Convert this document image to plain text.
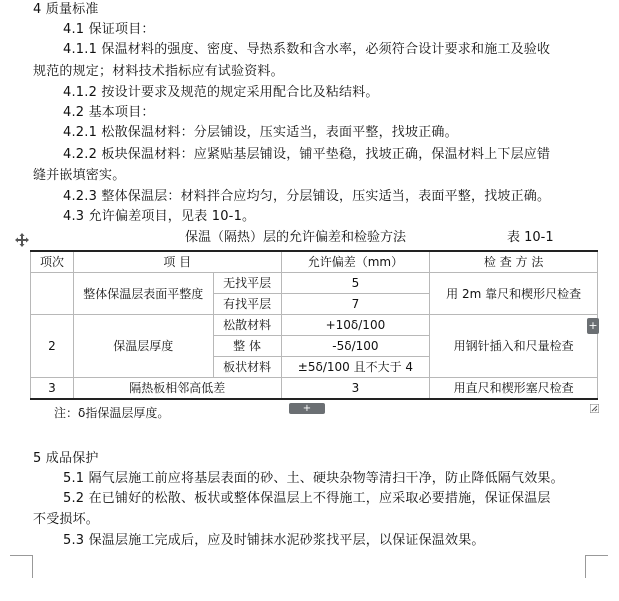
4 质量标准
4.1 保证项目：
4.1.1 保温材料的强度、密度、导热系数和含水率，必须符合设计要求和施工及验收
规范的规定；材料技术指标应有试验资料。
4.1.2 按设计要求及规范的规定采用配合比及粘结料。
4.2 基本项目：
4.2.1 松散保温材料：分层铺设，压实适当，表面平整，找坡正确。
4.2.2 板块保温材料：应紧贴基层铺设，铺平垫稳，找坡正确，保温材料上下层应错
缝并嵌填密实。
4.2.3 整体保温层：材料拌合应均匀，分层铺设，压实适当，表面平整，找坡正确。
4.3 允许偏差项目，见表 10-1。
保温（隔热）层的允许偏差和检验方法	表 10-1
项次	项 目		允许偏差（mm）	检 查 方 法
	整体保温层表面平整度	无找平层	5	用 2m 靠尺和楔形尺检查
		有找平层	7	
2	保温层厚度	松散材料	+10δ/100	用钢针插入和尺量检查
		整 体	-5δ/100	
		板状材料	±5δ/100 且不大于 4	
3	隔热板相邻高低差		3	用直尺和楔形塞尺检查
+
+
注：δ指保温层厚度。
5 成品保护
5.1 隔气层施工前应将基层表面的砂、土、硬块杂物等清扫干净，防止降低隔气效果。
5.2 在已铺好的松散、板状或整体保温层上不得施工，应采取必要措施，保证保温层
不受损坏。
5.3 保温层施工完成后，应及时铺抹水泥砂浆找平层，以保证保温效果。
